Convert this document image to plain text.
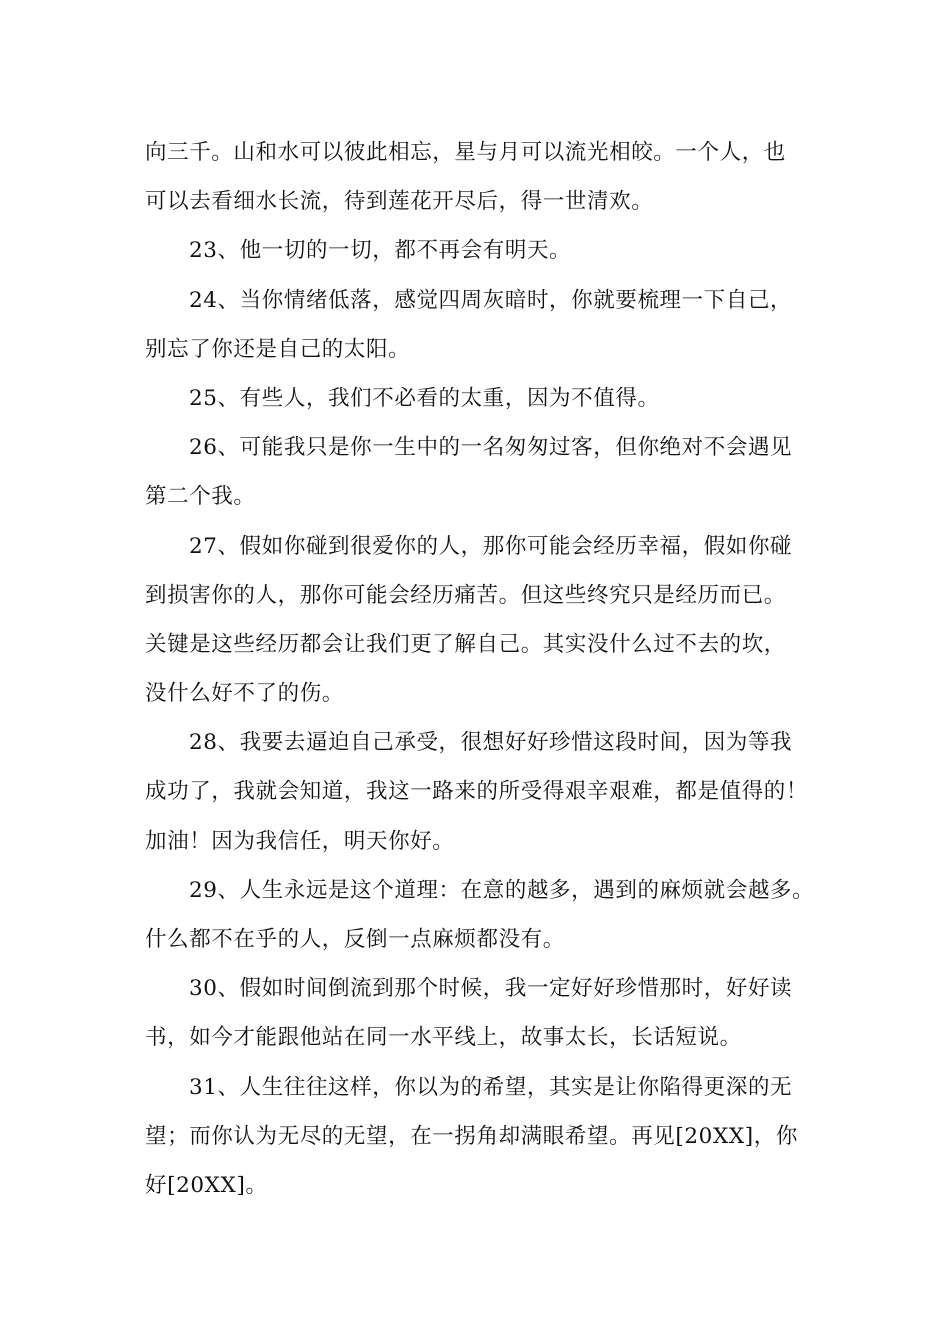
向三千。山和水可以彼此相忘，星与月可以流光相皎。一个人，也
可以去看细水长流，待到莲花开尽后，得一世清欢。
23、他一切的一切，都不再会有明天。
24、当你情绪低落，感觉四周灰暗时，你就要梳理一下自己，
别忘了你还是自己的太阳。
25、有些人，我们不必看的太重，因为不值得。
26、可能我只是你一生中的一名匆匆过客，但你绝对不会遇见
第二个我。
27、假如你碰到很爱你的人，那你可能会经历幸福，假如你碰
到损害你的人，那你可能会经历痛苦。但这些终究只是经历而已。
关键是这些经历都会让我们更了解自己。其实没什么过不去的坎，
没什么好不了的伤。
28、我要去逼迫自己承受，很想好好珍惜这段时间，因为等我
成功了，我就会知道，我这一路来的所受得艰辛艰难，都是值得的！
加油！因为我信任，明天你好。
29、人生永远是这个道理：在意的越多，遇到的麻烦就会越多。
什么都不在乎的人，反倒一点麻烦都没有。
30、假如时间倒流到那个时候，我一定好好珍惜那时，好好读
书，如今才能跟他站在同一水平线上，故事太长，长话短说。
31、人生往往这样，你以为的希望，其实是让你陷得更深的无
望；而你认为无尽的无望，在一拐角却满眼希望。再见[20XX]，你
好[20XX]。
